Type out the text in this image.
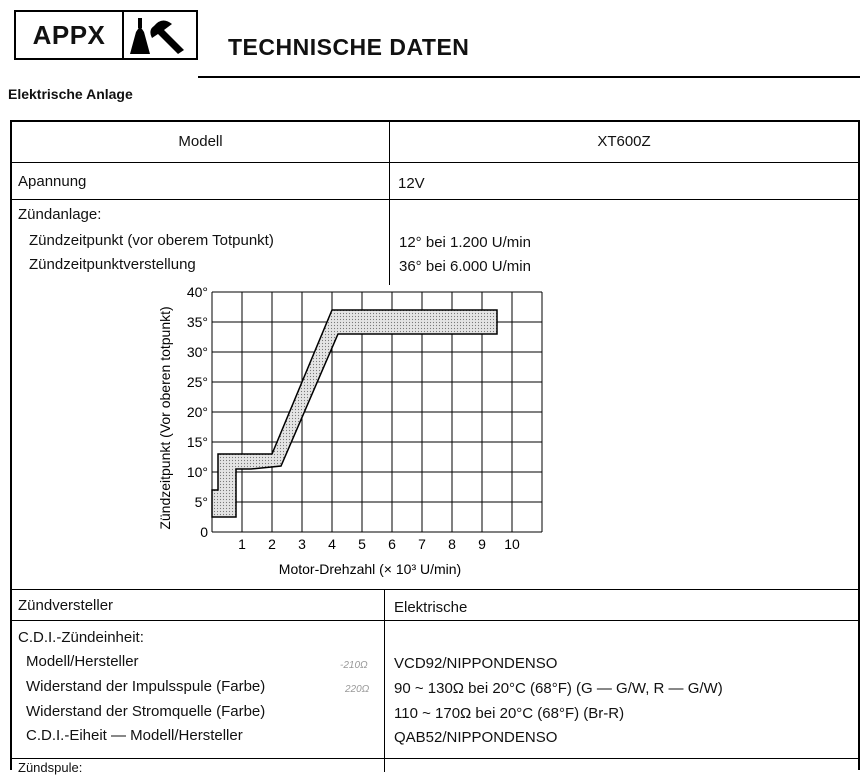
APPX	TECHNISCHE DATEN
Elektrische Anlage
Modell	XT600Z
Apannung	12V
Zündanlage:
Zündzeitpunkt (vor oberem Totpunkt)	12° bei 1.200 U/min
Zündzeitpunktverstellung	36° bei 6.000 U/min
1 2 3 4 5 6 7 8 9 10
0
5°
10°
15°
20°
25°
30°
35°
40°
Zündzeitpunkt (Vor oberen totpunkt)
Motor-Drehzahl (× 10³ U/min)
Zündversteller	Elektrische
C.D.I.-Zündeinheit:
Modell/Hersteller	VCD92/NIPPONDENSO
Widerstand der Impulsspule (Farbe)	90 ~ 130Ω bei 20°C (68°F) (G — G/W, R — G/W)
Widerstand der Stromquelle (Farbe)	110 ~ 170Ω bei 20°C (68°F) (Br-R)
C.D.I.-Eiheit — Modell/Hersteller	QAB52/NIPPONDENSO
-210Ω
220Ω
Zündspule:
